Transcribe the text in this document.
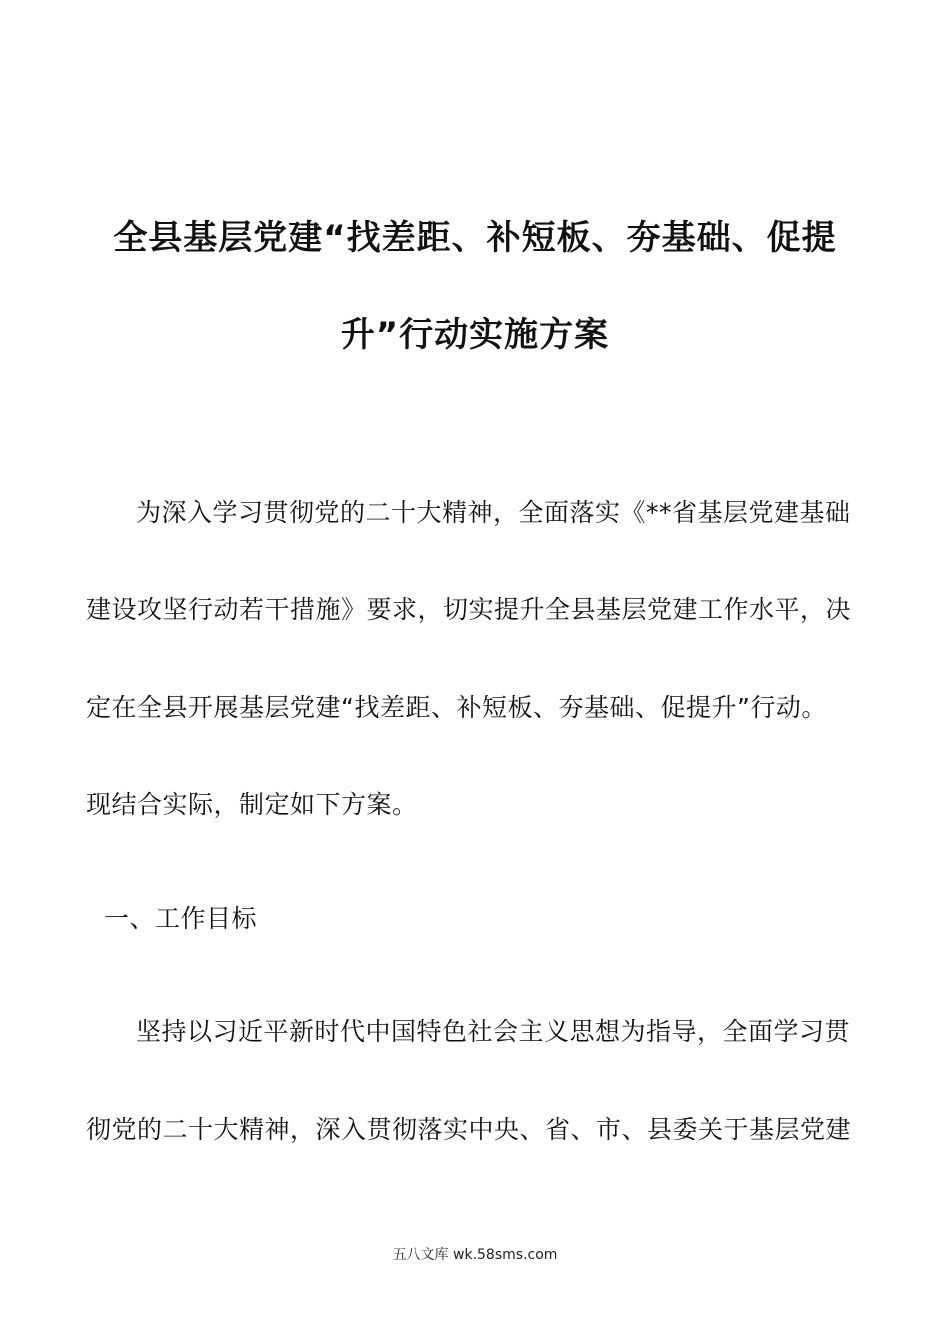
全县基层党建“找差距、补短板、夯基础、促提
升”行动实施方案
为深入学习贯彻党的二十大精神，全面落实《**省基层党建基础
建设攻坚行动若干措施》要求，切实提升全县基层党建工作水平，决
定在全县开展基层党建“找差距、补短板、夯基础、促提升”行动。
现结合实际，制定如下方案。
一、工作目标
坚持以习近平新时代中国特色社会主义思想为指导，全面学习贯
彻党的二十大精神，深入贯彻落实中央、省、市、县委关于基层党建
五八文库 wk.58sms.com
